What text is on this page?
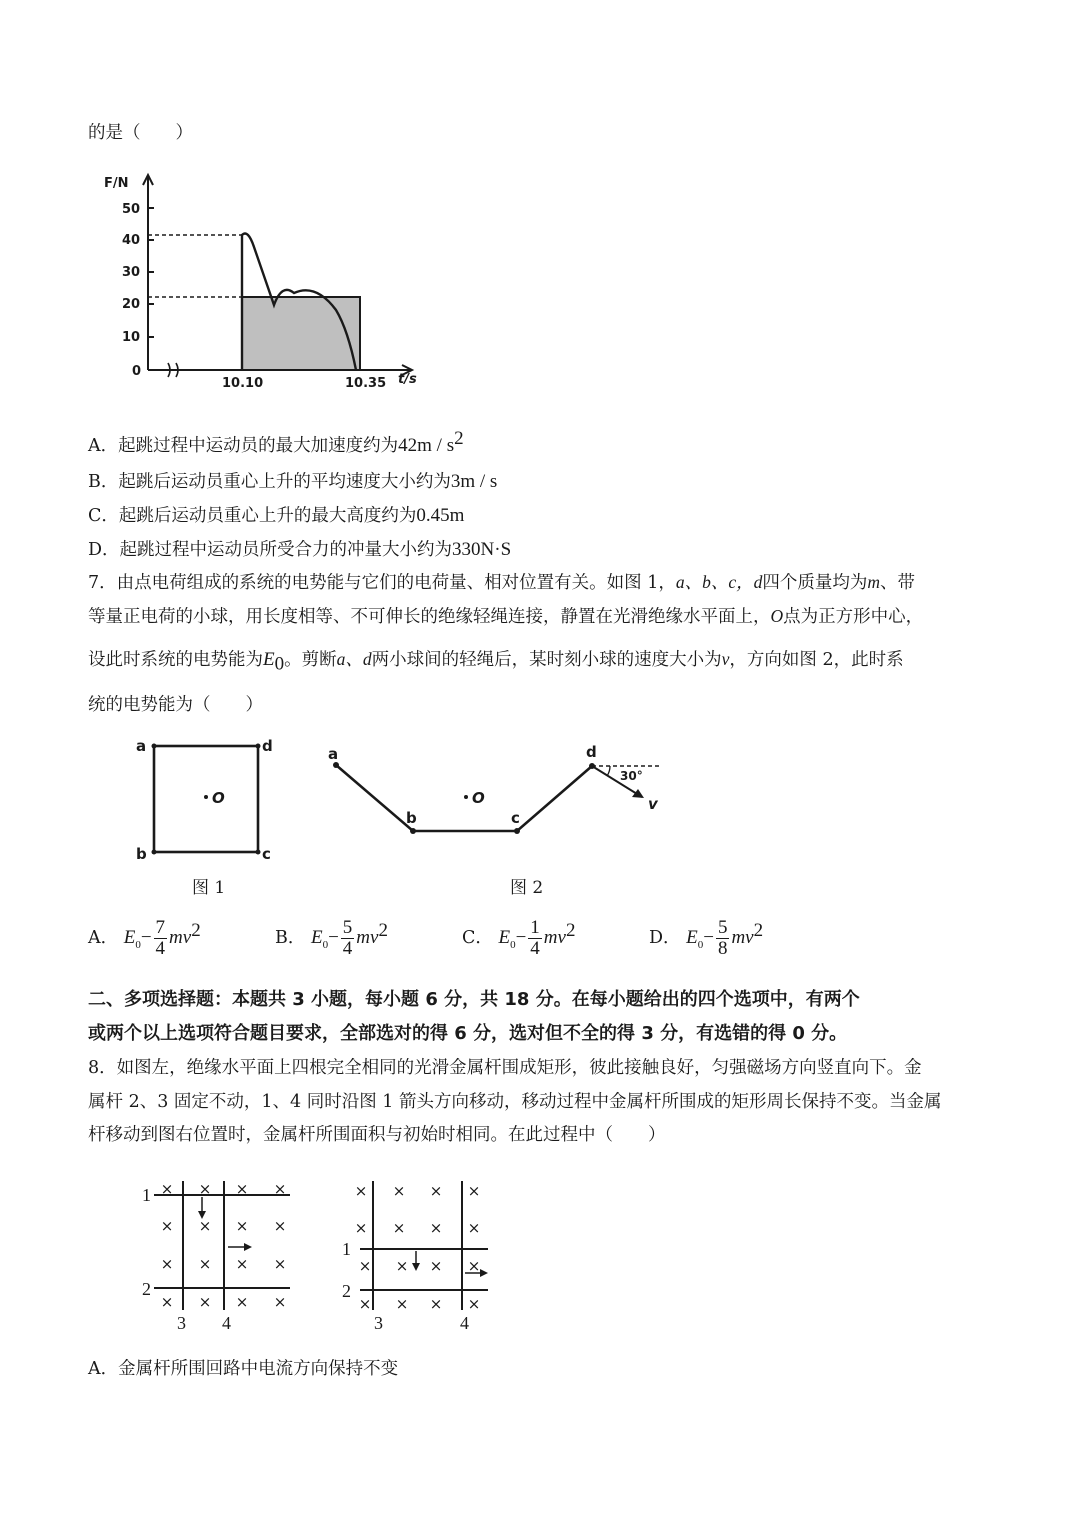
的是（　　）
F/N
50
40
30
20
10
0
10.10	10.35 t/s
A．起跳过程中运动员的最大加速度约为$42m / s^2$
B．起跳后运动员重心上升的平均速度大小约为3m / s
C．起跳后运动员重心上升的最大高度约为0.45m
D．起跳过程中运动员所受合力的冲量大小约为330N·S
7．由点电荷组成的系统的电势能与它们的电荷量、相对位置有关。如图 1，a、b、c，d四个质量均为m、带
等量正电荷的小球，用长度相等、不可伸长的绝缘轻绳连接，静置在光滑绝缘水平面上，O点为正方形中心，
设此时系统的电势能为$E_0$。剪断a、d两小球间的轻绳后，某时刻小球的速度大小为v，方向如图 2，此时系
统的电势能为（　　）
a	d
b	c
O
图 1
a
b
O
c
d
v
30°
图 2
A． $E_0- \frac{7}{4} mv^2$	B． $E_0- \frac{5}{4} mv^2$	C． $E_0- \frac{1}{4} mv^2$	D． $E_0- \frac{5}{8} mv^2$
二、多项选择题：本题共 3 小题，每小题 6 分，共 18 分。在每小题给出的四个选项中，有两个
或两个以上选项符合题目要求，全部选对的得 6 分，选对但不全的得 3 分，有选错的得 0 分。
8．如图左，绝缘水平面上四根完全相同的光滑金属杆围成矩形，彼此接触良好，匀强磁场方向竖直向下。金
属杆 2、3 固定不动，1、4 同时沿图 1 箭头方向移动，移动过程中金属杆所围成的矩形周长保持不变。当金属
杆移动到图右位置时，金属杆所围面积与初始时相同。在此过程中（　　）
× × × ×
× × × ×
× × × ×
× × × ×
1
2
3 4
× × × ×
× × × ×
× × × ×
× × × ×
1
2
3	4
A．金属杆所围回路中电流方向保持不变
